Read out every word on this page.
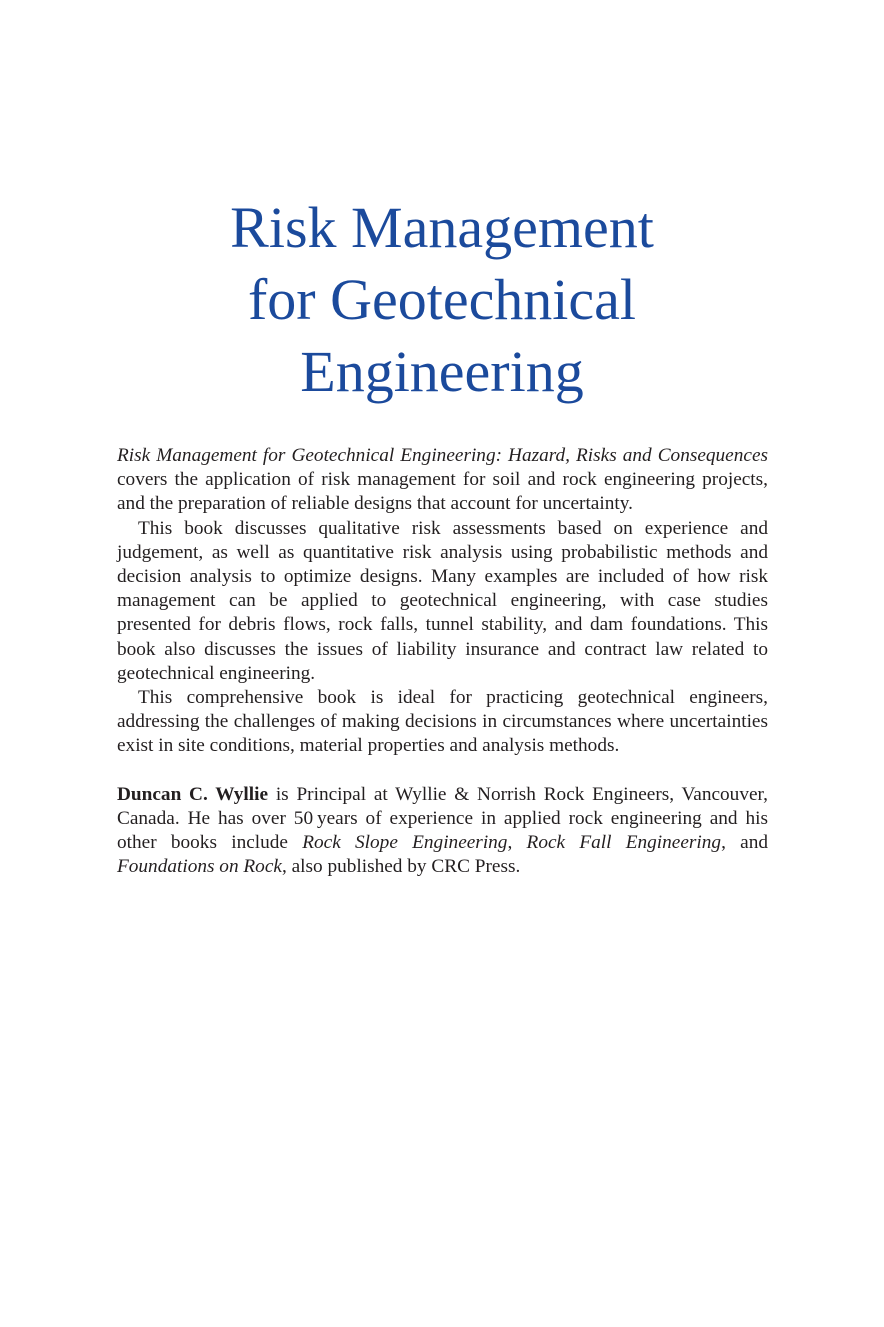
Risk Management
for Geotechnical
Engineering

Risk Management for Geotechnical Engineering: Hazard, Risks and Consequences covers the application of risk management for soil and rock engineering projects, and the preparation of reliable designs that account for uncertainty.

This book discusses qualitative risk assessments based on experience and judgement, as well as quantitative risk analysis using probabilistic methods and decision analysis to optimize designs. Many examples are included of how risk management can be applied to geotechnical engineering, with case studies presented for debris flows, rock falls, tunnel stability, and dam foundations. This book also discusses the issues of liability insurance and contract law related to geotechnical engineering.

This comprehensive book is ideal for practicing geotechnical engineers, addressing the challenges of making decisions in circumstances where uncertainties exist in site conditions, material properties and analysis methods.

Duncan C. Wyllie is Principal at Wyllie & Norrish Rock Engineers, Vancouver, Canada. He has over 50 years of experience in applied rock engineering and his other books include Rock Slope Engineering, Rock Fall Engineering, and Foundations on Rock, also published by CRC Press.
